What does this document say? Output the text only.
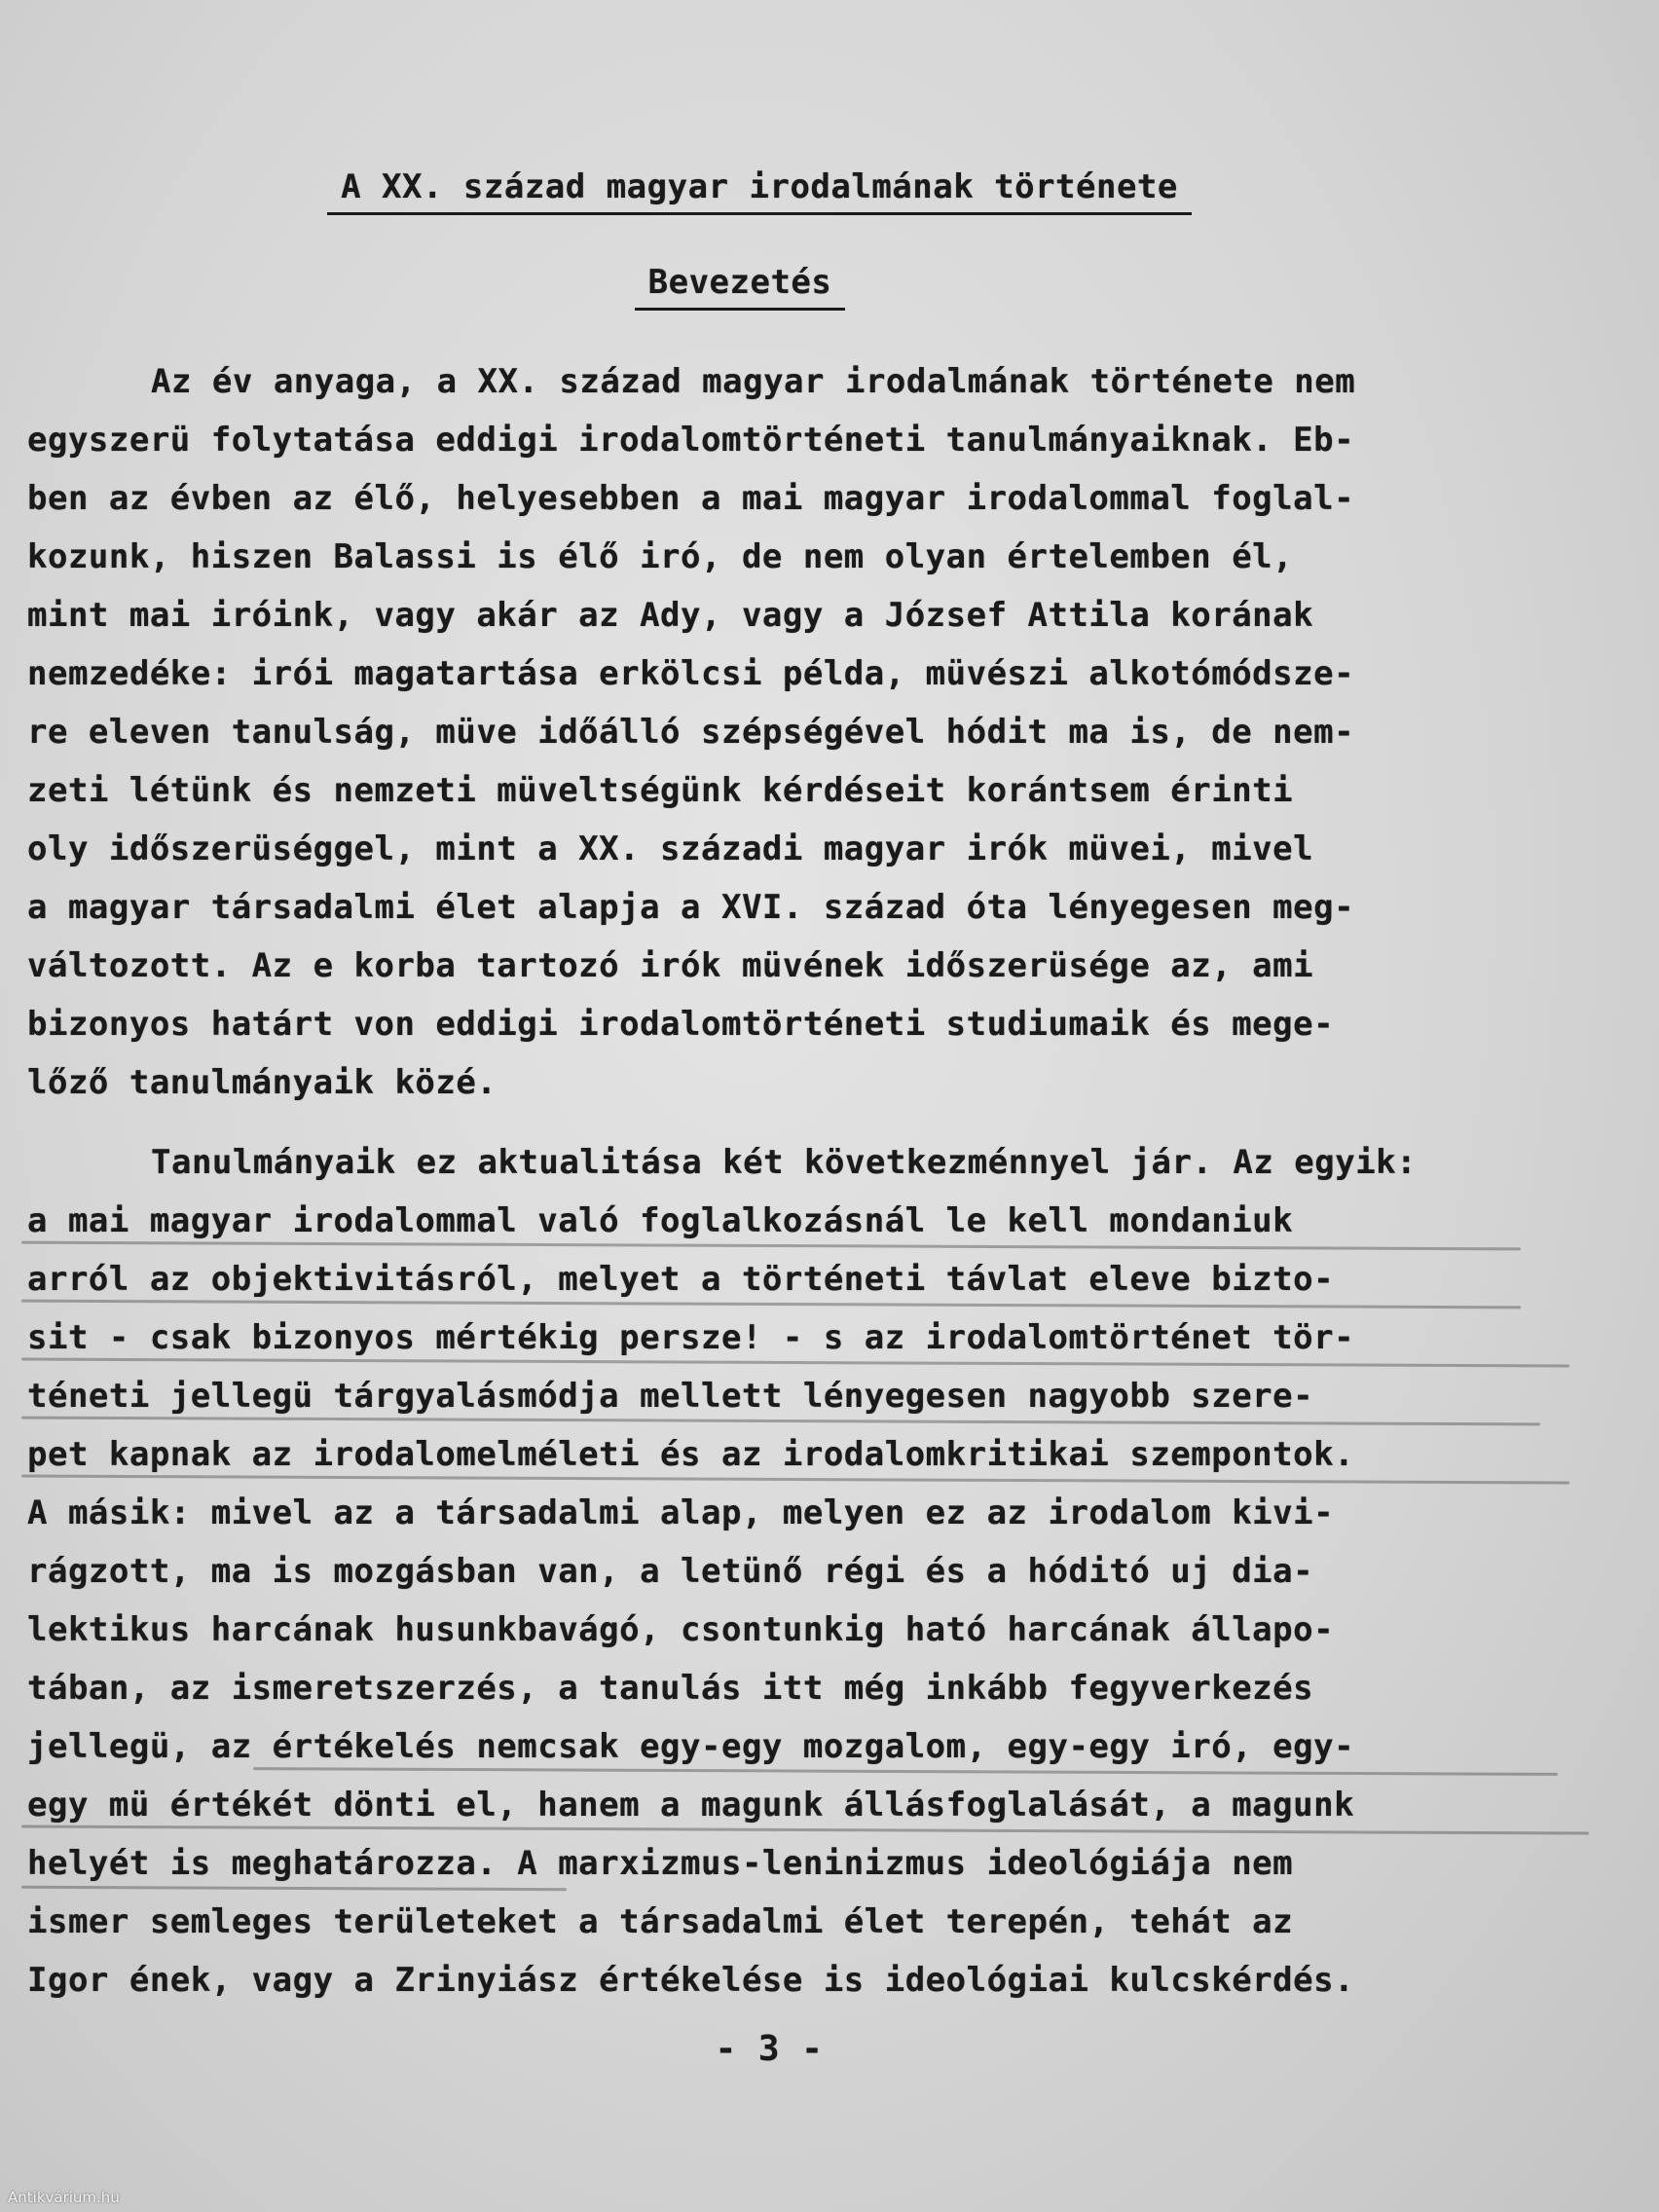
A XX. század magyar irodalmának története
Bevezetés
Az év anyaga, a XX. század magyar irodalmának története nem
egyszerü folytatása eddigi irodalomtörténeti tanulmányaiknak. Eb-
ben az évben az élő, helyesebben a mai magyar irodalommal foglal-
kozunk, hiszen Balassi is élő iró, de nem olyan értelemben él,
mint mai iróink, vagy akár az Ady, vagy a József Attila korának
nemzedéke: irói magatartása erkölcsi példa, müvészi alkotómódsze-
re eleven tanulság, müve időálló szépségével hódit ma is, de nem-
zeti létünk és nemzeti müveltségünk kérdéseit korántsem érinti
oly időszerüséggel, mint a XX. századi magyar irók müvei, mivel
a magyar társadalmi élet alapja a XVI. század óta lényegesen meg-
változott. Az e korba tartozó irók müvének időszerüsége az, ami
bizonyos határt von eddigi irodalomtörténeti studiumaik és mege-
lőző tanulmányaik közé.
Tanulmányaik ez aktualitása két következménnyel jár. Az egyik:
a mai magyar irodalommal való foglalkozásnál le kell mondaniuk
arról az objektivitásról, melyet a történeti távlat eleve bizto-
sit - csak bizonyos mértékig persze! - s az irodalomtörténet tör-
téneti jellegü tárgyalásmódja mellett lényegesen nagyobb szere-
pet kapnak az irodalomelméleti és az irodalomkritikai szempontok.
A másik: mivel az a társadalmi alap, melyen ez az irodalom kivi-
rágzott, ma is mozgásban van, a letünő régi és a hóditó uj dia-
lektikus harcának husunkbavágó, csontunkig ható harcának állapo-
tában, az ismeretszerzés, a tanulás itt még inkább fegyverkezés
jellegü, az értékelés nemcsak egy-egy mozgalom, egy-egy iró, egy-
egy mü értékét dönti el, hanem a magunk állásfoglalását, a magunk
helyét is meghatározza. A marxizmus-leninizmus ideológiája nem
ismer semleges területeket a társadalmi élet terepén, tehát az
Igor ének, vagy a Zrinyiász értékelése is ideológiai kulcskérdés.
- 3 -
Antikvárium.hu
